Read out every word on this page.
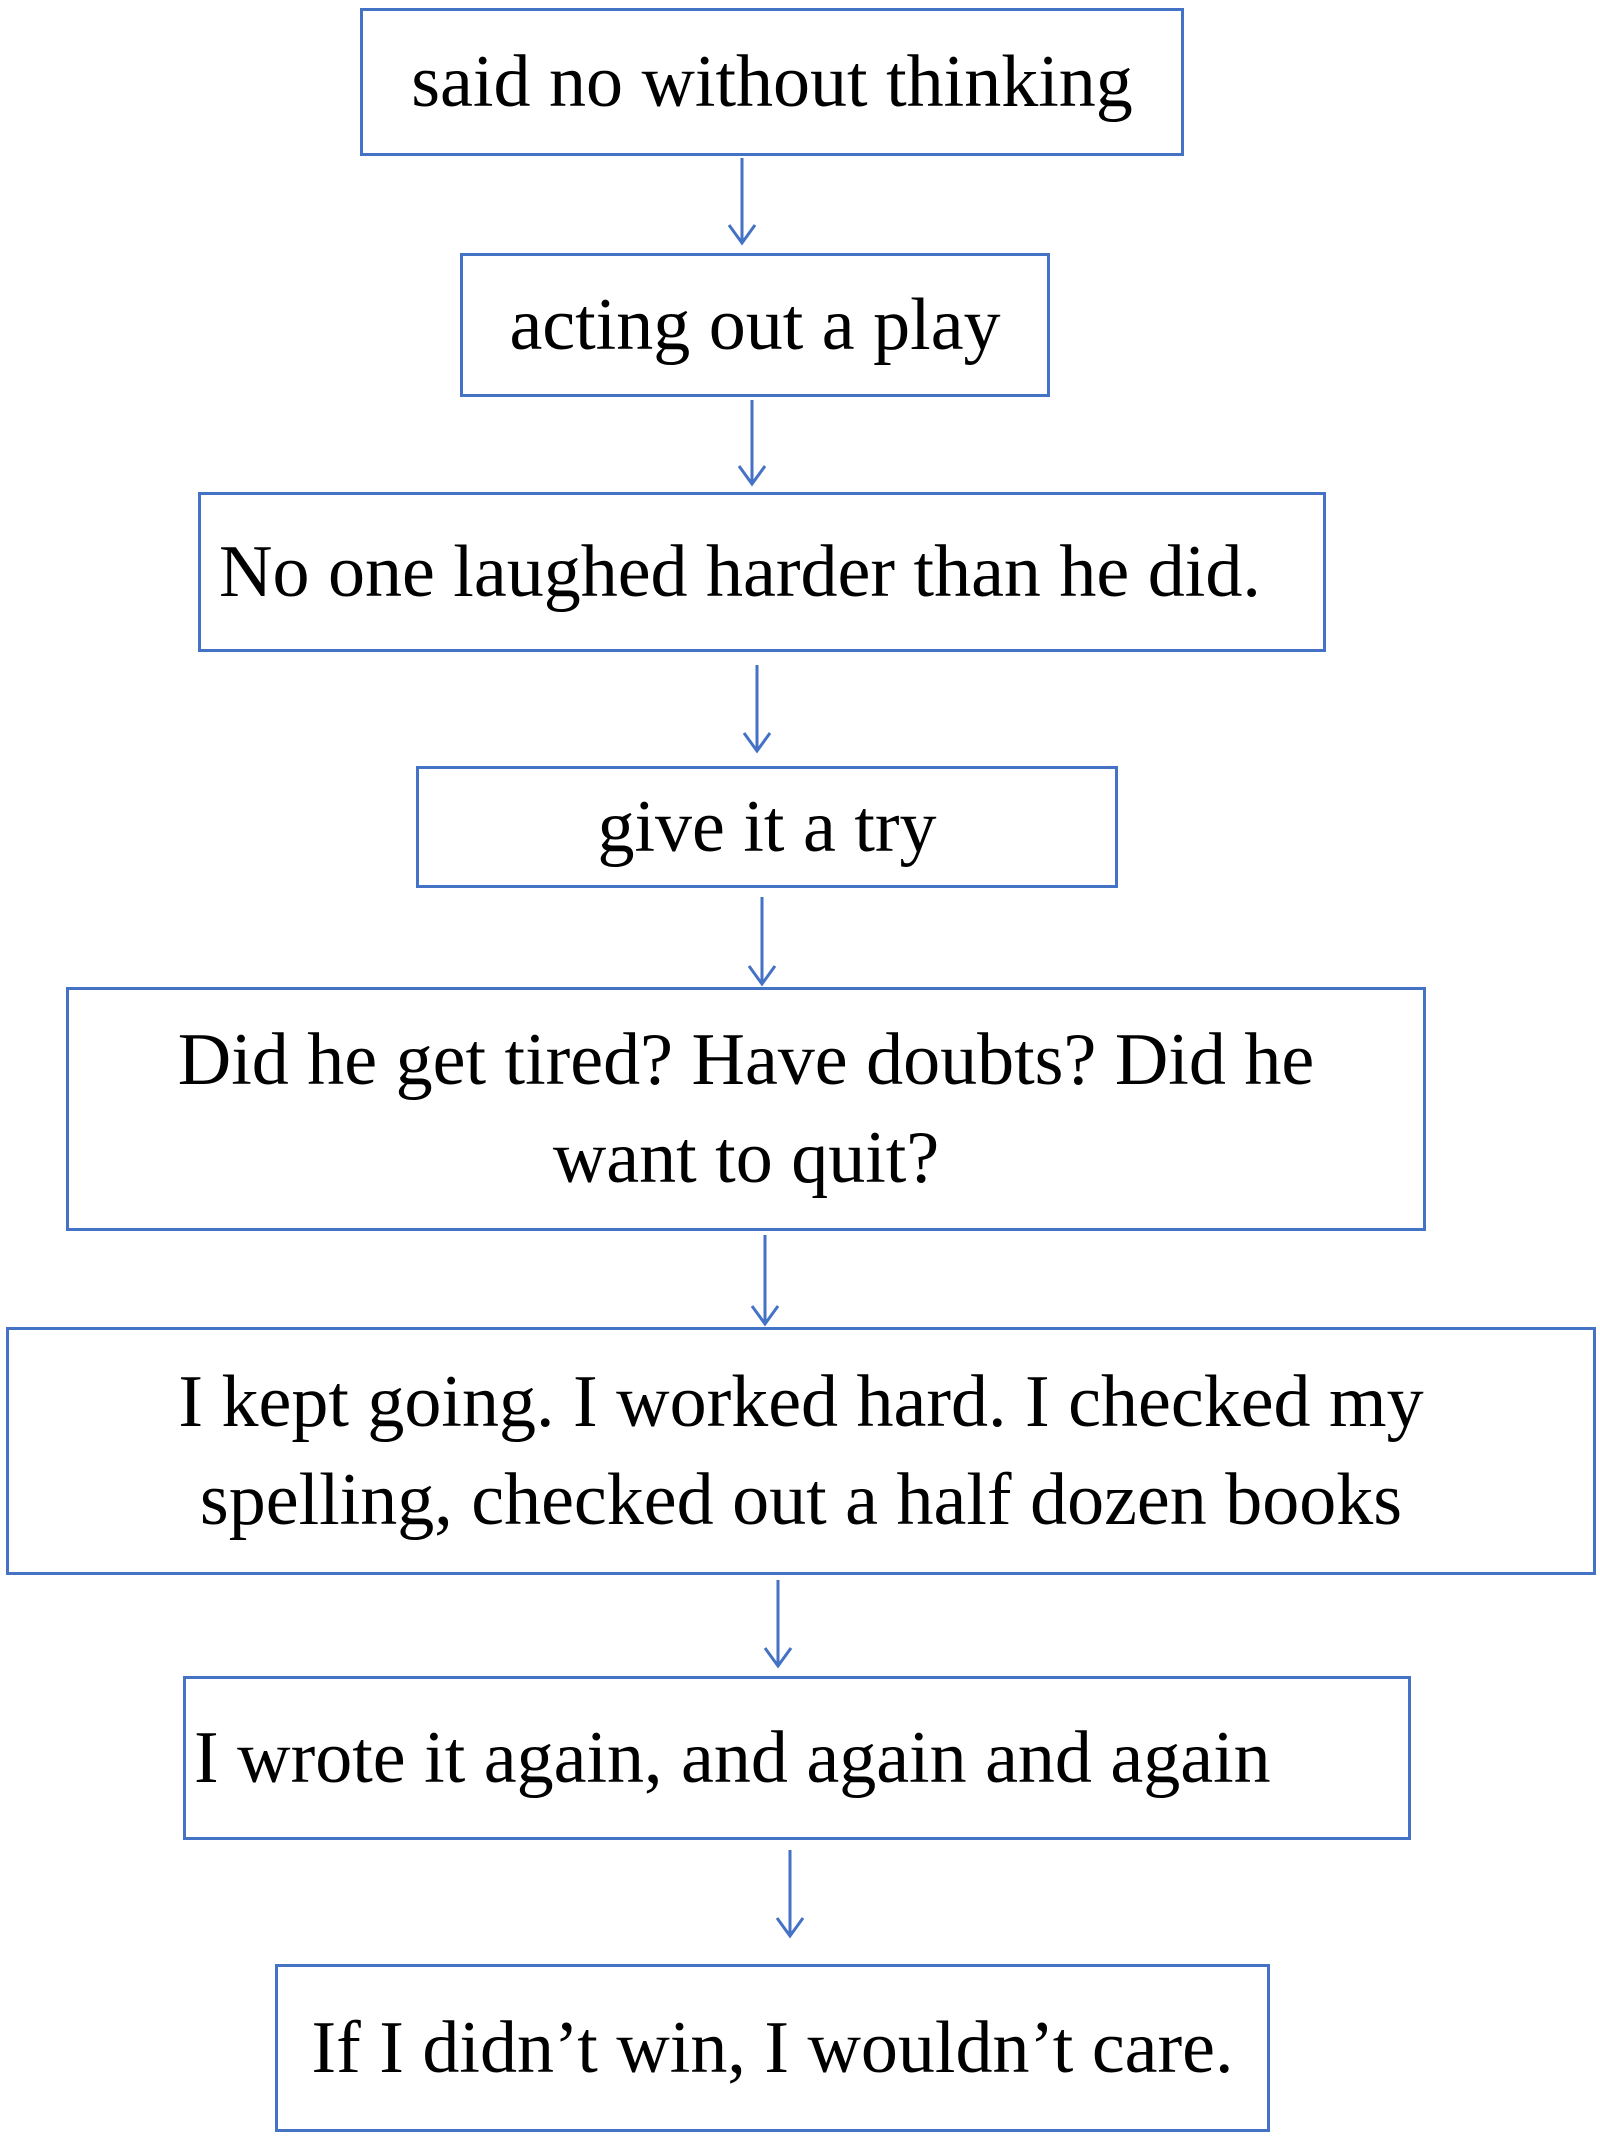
said no without thinking
acting out a play
No one laughed harder than he did.
give it a try
Did he get tired? Have doubts? Did he want to quit?
I kept going. I worked hard. I checked my spelling, checked out a half dozen books
I wrote it again, and again and again
If I didn’t win, I wouldn’t care.
